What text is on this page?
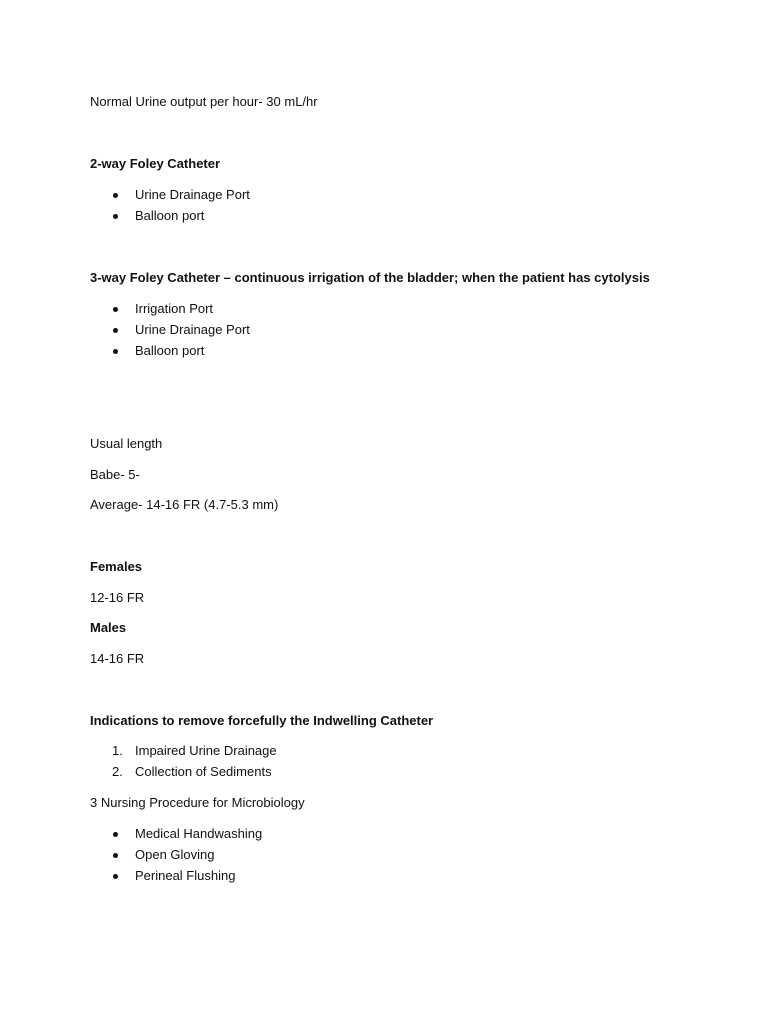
Normal Urine output per hour- 30 mL/hr
2-way Foley Catheter
Urine Drainage Port
Balloon port
3-way Foley Catheter – continuous irrigation of the bladder; when the patient has cytolysis
Irrigation Port
Urine Drainage Port
Balloon port
Usual length
Babe- 5-
Average- 14-16 FR (4.7-5.3 mm)
Females
12-16 FR
Males
14-16 FR
Indications to remove forcefully the Indwelling Catheter
1. Impaired Urine Drainage
2. Collection of Sediments
3 Nursing Procedure for Microbiology
Medical Handwashing
Open Gloving
Perineal Flushing
